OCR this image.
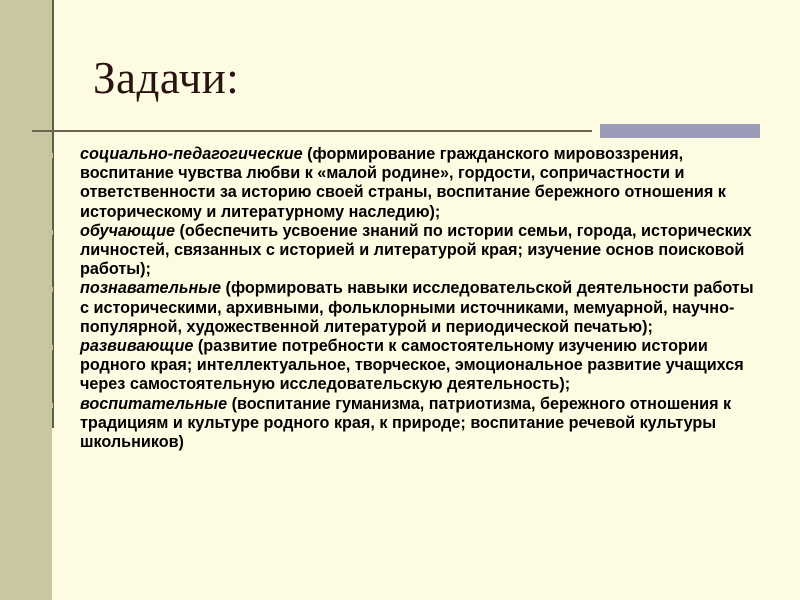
Задачи:
социально-педагогические (формирование гражданского мировоззрения, воспитание чувства любви к «малой родине», гордости, сопричастности и ответственности за историю своей страны, воспитание бережного отношения к историческому и литературному наследию);
обучающие (обеспечить усвоение знаний по истории семьи, города, исторических личностей, связанных с историей и литературой края; изучение основ поисковой работы);
познавательные (формировать навыки исследовательской деятельности работы с историческими, архивными, фольклорными источниками, мемуарной, научно-популярной, художественной литературой и периодической печатью);
развивающие (развитие потребности к самостоятельному изучению истории родного края; интеллектуальное, творческое, эмоциональное развитие учащихся через самостоятельную исследовательскую деятельность);
воспитательные (воспитание гуманизма, патриотизма, бережного отношения к традициям и культуре родного края, к природе; воспитание речевой культуры школьников)
